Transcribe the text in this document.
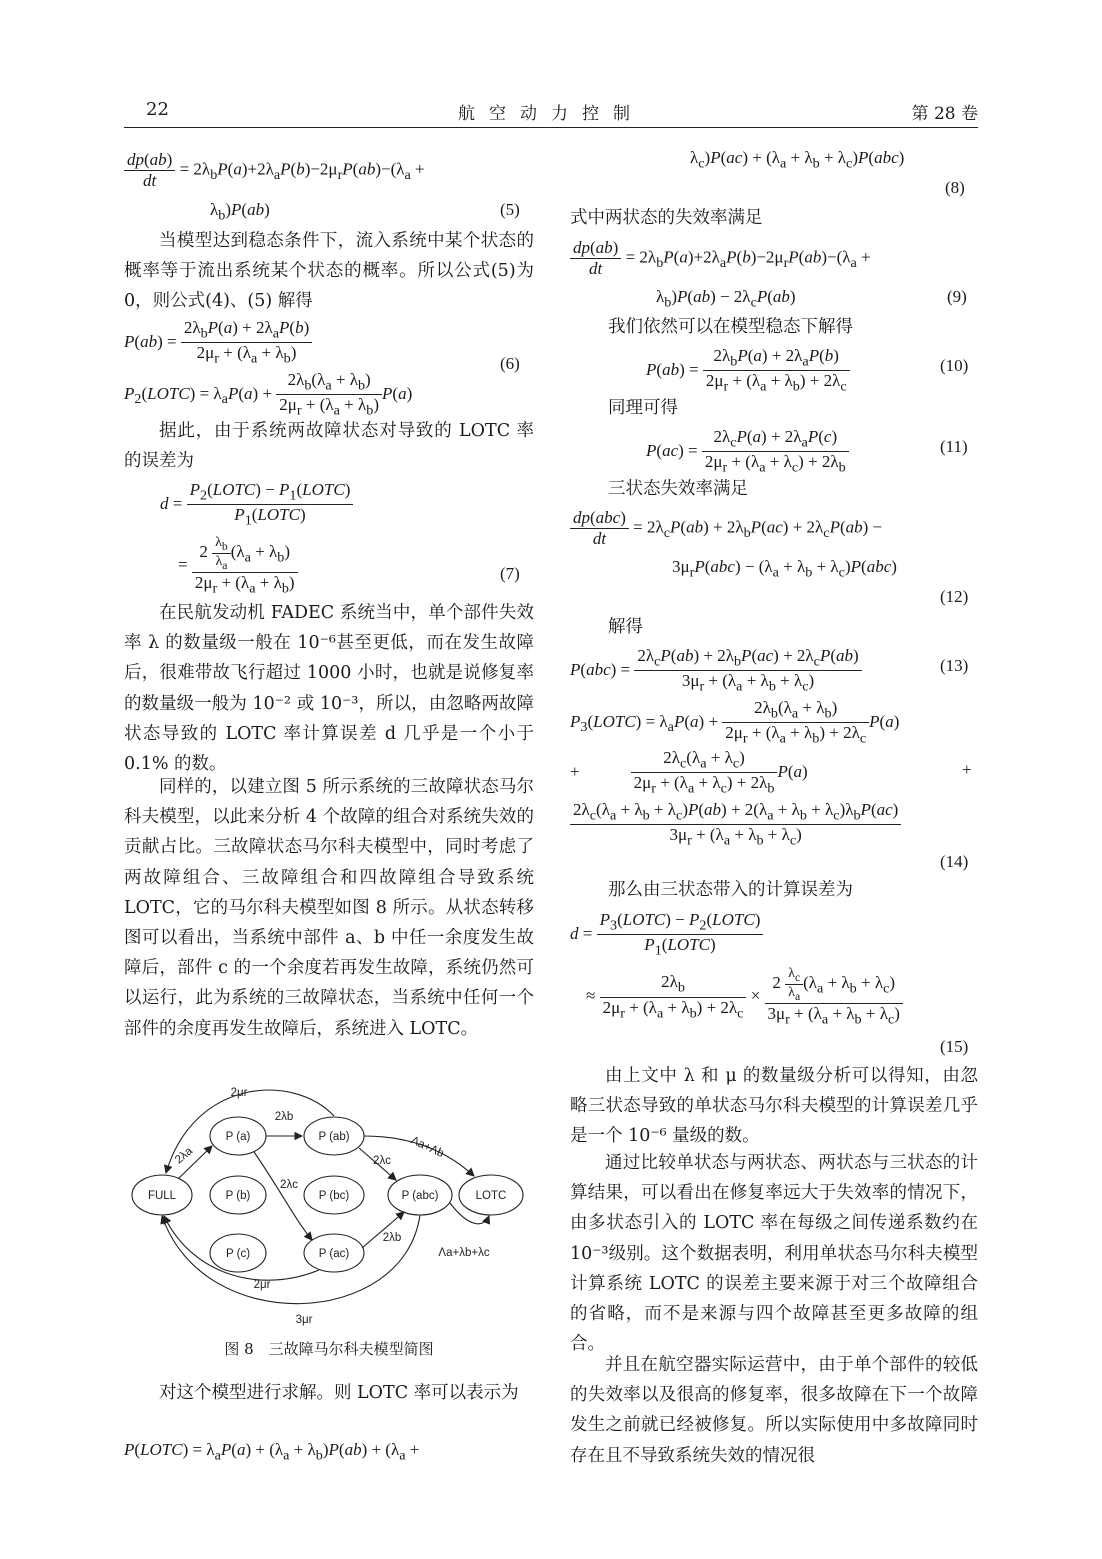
22	航空动力控制	第 28 卷
$\frac{dp(ab)}{dt} = 2\lambda_bP(a)+2\lambda_aP(b)-2\mu_rP(ab)-(\lambda_a$ +
$\lambda_b)P(ab)$	(5)
当模型达到稳态条件下，流入系统中某个状态的概率等于流出系统某个状态的概率。所以公式(5)为 0，则公式(4)、(5) 解得
$P(ab) = \frac{2\lambda_bP(a) + 2\lambda_aP(b)}{2\mu_r + (\lambda_a + \lambda_b)}$	(6)
$P_2(LOTC) = \lambda_aP(a) + \frac{2\lambda_b(\lambda_a + \lambda_b)}{2\mu_r + (\lambda_a + \lambda_b)} P(a)$
据此，由于系统两故障状态对导致的 LOTC 率的误差为
$d = \frac{P_2(LOTC) - P_1(LOTC)}{P_1(LOTC)}$
= $\frac{2 \frac{\lambda_b}{\lambda_a} (\lambda_a + \lambda_b)}{2\mu_r + (\lambda_a + \lambda_b)}$	(7)
在民航发动机 FADEC 系统当中，单个部件失效率 λ 的数量级一般在 10⁻⁶甚至更低，而在发生故障后，很难带故飞行超过 1000 小时，也就是说修复率的数量级一般为 10⁻² 或 10⁻³，所以，由忽略两故障状态导致的 LOTC 率计算误差 d 几乎是一个小于 0.1% 的数。
同样的，以建立图 5 所示系统的三故障状态马尔科夫模型，以此来分析 4 个故障的组合对系统失效的贡献占比。三故障状态马尔科夫模型中，同时考虑了两故障组合、三故障组合和四故障组合导致系统 LOTC，它的马尔科夫模型如图 8 所示。从状态转移图可以看出，当系统中部件 a、b 中任一余度发生故障后，部件 c 的一个余度若再发生故障，系统仍然可以运行，此为系统的三故障状态，当系统中任何一个部件的余度再发生故障后，系统进入 LOTC。
FULL
P (a)	P (ab)
P (b)	P (bc)	P (abc)	LOTC
P (c)	P (ac)
2μr
2λb
2λa
2λc
2λc
Λa+Λb
2λb
Λa+λb+λc
2μr
3μr
图 8　三故障马尔科夫模型简图
对这个模型进行求解。则 LOTC 率可以表示为
P(LOTC) = $\lambda_aP(a) + (\lambda_a + \lambda_b)P(ab) + (\lambda_a$ +
$\lambda_c)P(ac) + (\lambda_a + \lambda_b + \lambda_c)P(abc)$
(8)
式中两状态的失效率满足
$\frac{dp(ab)}{dt} = 2\lambda_bP(a)+2\lambda_aP(b)-2\mu_rP(ab)-(\lambda_a$ +
$\lambda_b)P(ab) - 2\lambda_cP(ab)$	(9)
我们依然可以在模型稳态下解得
$P(ab) = \frac{2\lambda_bP(a) + 2\lambda_aP(b)}{2\mu_r + (\lambda_a + \lambda_b) + 2\lambda_c}$	(10)
同理可得
$P(ac) = \frac{2\lambda_cP(a) + 2\lambda_aP(c)}{2\mu_r + (\lambda_a + \lambda_c) + 2\lambda_b}$	(11)
三状态失效率满足
$\frac{\text{dp(abc)}}{dt} = 2\lambda_cP(ab) + 2\lambda_bP(ac) + 2\lambda_cP(ab)$ −
$3\mu_rP(abc) - (\lambda_a + \lambda_b + \lambda_c)P(abc)$
(12)
解得
$P(abc) = \frac{2\lambda_cP(ab) + 2\lambda_bP(ac) + 2\lambda_cP(ab)}{3\mu_r + (\lambda_a + \lambda_b + \lambda_c)}$	(13)
$P_3(LOTC) = \lambda_aP(a) + \frac{2\lambda_b(\lambda_a + \lambda_b)}{2\mu_r + (\lambda_a + \lambda_b) + 2\lambda_c} P(a)$
+ $\frac{2\lambda_c(\lambda_a + \lambda_c)}{2\mu_r + (\lambda_a + \lambda_c) + 2\lambda_b} P(a)$	+
$\frac{2\lambda_c(\lambda_a + \lambda_b + \lambda_c)P(ab) + 2(\lambda_a + \lambda_b + \lambda_c)\lambda_bP(ac)}{3\mu_r + (\lambda_a + \lambda_b + \lambda_c)}$
(14)
那么由三状态带入的计算误差为
$d = \frac{P_3(LOTC) - P_2(LOTC)}{P_1(LOTC)}$
≈ $\frac{2\lambda_b}{2\mu_r + (\lambda_a + \lambda_b) + 2\lambda_c} \times \frac{2 \frac{\lambda_c}{\lambda_a} (\lambda_a + \lambda_b + \lambda_c)}{3\mu_r + (\lambda_a + \lambda_b + \lambda_c)}$
(15)
由上文中 λ 和 μ 的数量级分析可以得知，由忽略三状态导致的单状态马尔科夫模型的计算误差几乎是一个 10⁻⁶ 量级的数。
通过比较单状态与两状态、两状态与三状态的计算结果，可以看出在修复率远大于失效率的情况下，由多状态引入的 LOTC 率在每级之间传递系数约在 10⁻³级别。这个数据表明，利用单状态马尔科夫模型计算系统 LOTC 的误差主要来源于对三个故障组合的省略，而不是来源与四个故障甚至更多故障的组合。
并且在航空器实际运营中，由于单个部件的较低的失效率以及很高的修复率，很多故障在下一个故障发生之前就已经被修复。所以实际使用中多故障同时存在且不导致系统失效的情况很
